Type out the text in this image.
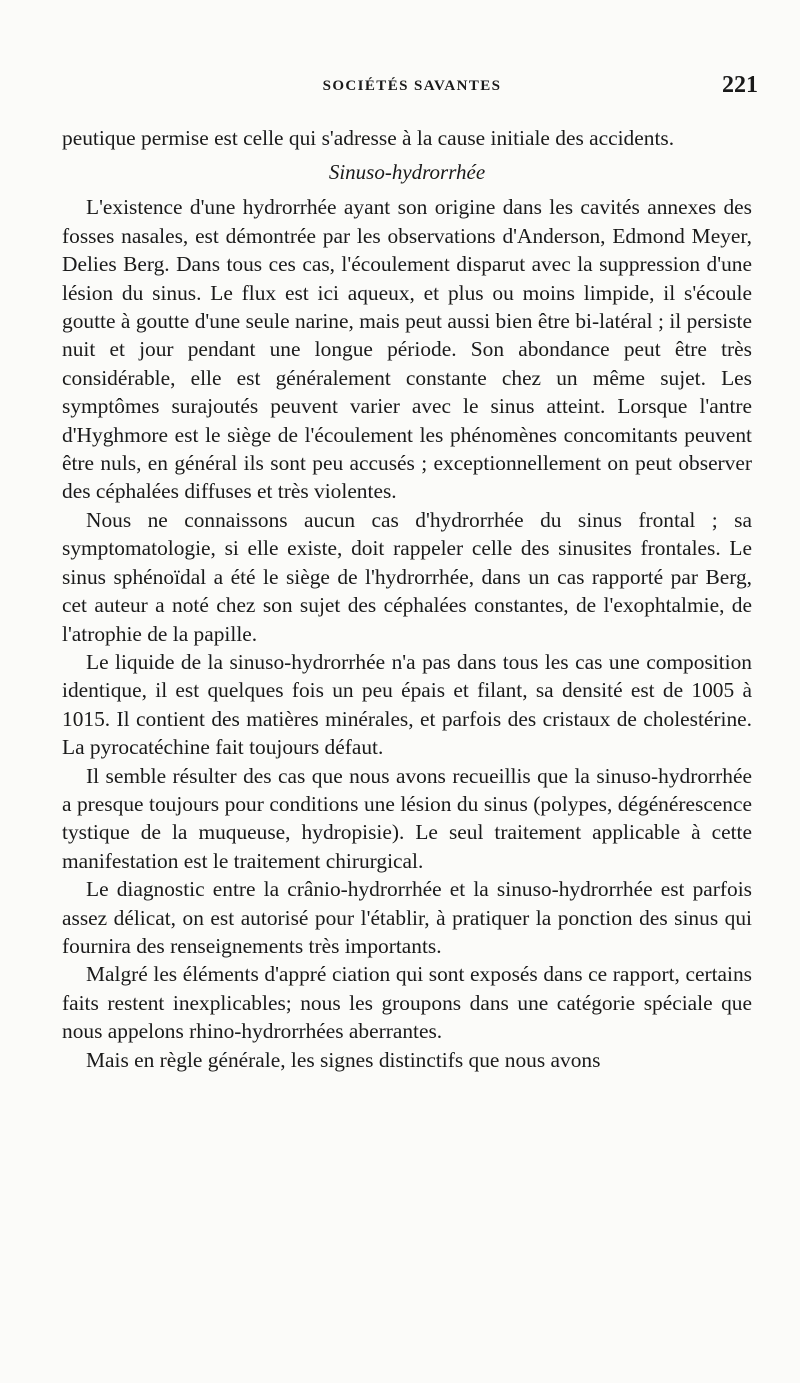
SOCIÉTÉS SAVANTES	221

peutique permise est celle qui s'adresse à la cause initiale des accidents.

Sinuso-hydrorrhée

L'existence d'une hydrorrhée ayant son origine dans les cavités annexes des fosses nasales, est démontrée par les observations d'Anderson, Edmond Meyer, Delies Berg. Dans tous ces cas, l'écoulement disparut avec la suppression d'une lésion du sinus. Le flux est ici aqueux, et plus ou moins limpide, il s'écoule goutte à goutte d'une seule narine, mais peut aussi bien être bi-latéral ; il persiste nuit et jour pendant une longue période. Son abondance peut être très considérable, elle est généralement constante chez un même sujet. Les symptômes surajoutés peuvent varier avec le sinus atteint. Lorsque l'antre d'Hyghmore est le siège de l'écoulement les phénomènes concomitants peuvent être nuls, en général ils sont peu accusés ; exceptionnellement on peut observer des céphalées diffuses et très violentes.

Nous ne connaissons aucun cas d'hydrorrhée du sinus frontal ; sa symptomatologie, si elle existe, doit rappeler celle des sinusites frontales. Le sinus sphénoïdal a été le siège de l'hydrorrhée, dans un cas rapporté par Berg, cet auteur a noté chez son sujet des céphalées constantes, de l'exophtalmie, de l'atrophie de la papille.

Le liquide de la sinuso-hydrorrhée n'a pas dans tous les cas une composition identique, il est quelques fois un peu épais et filant, sa densité est de 1005 à 1015. Il contient des matières minérales, et parfois des cristaux de cholestérine. La pyrocatéchine fait toujours défaut.

Il semble résulter des cas que nous avons recueillis que la sinuso-hydrorrhée a presque toujours pour conditions une lésion du sinus (polypes, dégénérescence tystique de la muqueuse, hydropisie). Le seul traitement applicable à cette manifestation est le traitement chirurgical.

Le diagnostic entre la crânio-hydrorrhée et la sinuso-hydrorrhée est parfois assez délicat, on est autorisé pour l'établir, à pratiquer la ponction des sinus qui fournira des renseignements très importants.

Malgré les éléments d'appré ciation qui sont exposés dans ce rapport, certains faits restent inexplicables; nous les groupons dans une catégorie spéciale que nous appelons rhino-hydrorrhées aberrantes.

Mais en règle générale, les signes distinctifs que nous avons
